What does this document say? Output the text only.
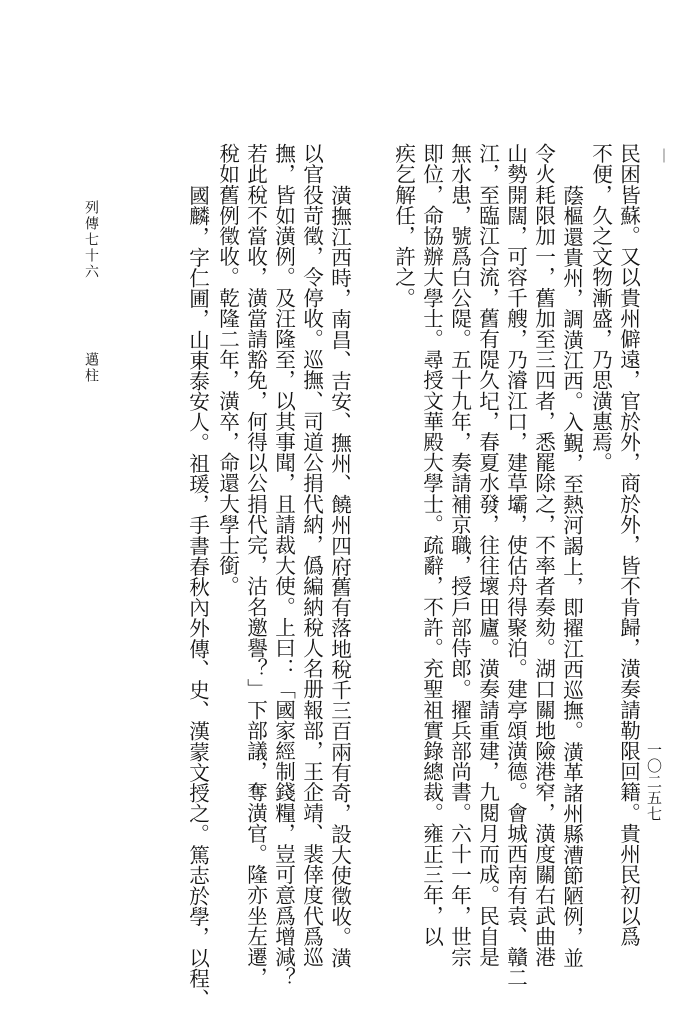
一〇二五七
｜
民困皆蘇。又以貴州僻遠，官於外，商於外，皆不肯歸，潢奏請勒限回籍。貴州民初以爲
不便，久之文物漸盛，乃思潢惠焉。
蔭樞還貴州，調潢江西。入覲，至熱河謁上，即擢江西巡撫。潢革諸州縣漕節陋例，並
令火耗限加一，舊加至三四者，悉罷除之，不率者奏劾。湖口關地險港窄，潢度關右武曲港
山勢開闊，可容千艘，乃濬江口，建草壩，使估舟得聚泊。建亭頌潢德。會城西南有袁、贛二
江，至臨江合流，舊有隄久圮，春夏水發，往往壞田廬。潢奏請重建，九閱月而成。民自是
無水患，號爲白公隄。五十九年，奏請補京職，授戶部侍郎。擢兵部尚書。六十一年，世宗
即位，命協辦大學士。尋授文華殿大學士。疏辭，不許。充聖祖實錄總裁。雍正三年，以
疾乞解任，許之。
潢撫江西時，南昌、吉安、撫州、饒州四府舊有落地稅千三百兩有奇，設大使徵收。潢
以官役苛徵，令停收。巡撫、司道公捐代納，僞編納稅人名册報部，王企靖、裴倖度代爲巡
撫，皆如潢例。及汪隆至，以其事聞，且請裁大使。上曰：「國家經制錢糧，豈可意爲增減？
若此稅不當收，潢當請豁免，何得以公捐代完，沽名邀譽？」下部議，奪潢官。隆亦坐左遷，
稅如舊例徵收。乾隆二年，潢卒，命還大學士銜。
國麟，字仁圃，山東泰安人。祖瑗，手書春秋內外傳、史、漢蒙文授之。篤志於學，以程、
列傳七十六
邁柱
